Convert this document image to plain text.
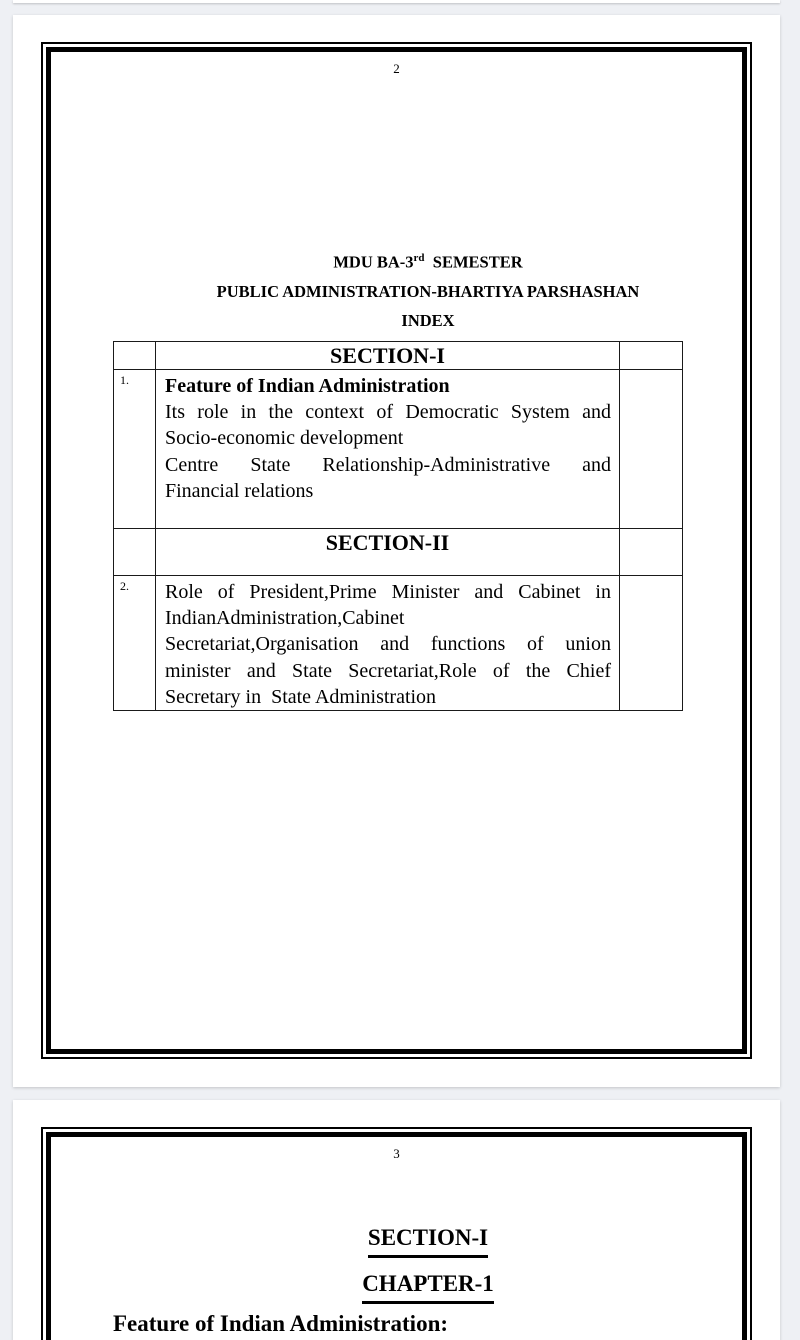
2
MDU BA-3rd  SEMESTER
PUBLIC ADMINISTRATION-BHARTIYA PARSHASHAN
INDEX
	SECTION-I	
1.	Feature of Indian Administration
Its role in the context of Democratic System and
Socio-economic development
Centre State Relationship-Administrative and
Financial relations	

	SECTION-II	
2.	Role of President,Prime Minister and Cabinet in
IndianAdministration,Cabinet
Secretariat,Organisation and functions of union
minister and State Secretariat,Role of the Chief
Secretary in  State Administration	

3
SECTION-I
CHAPTER-1
Feature of Indian Administration:
